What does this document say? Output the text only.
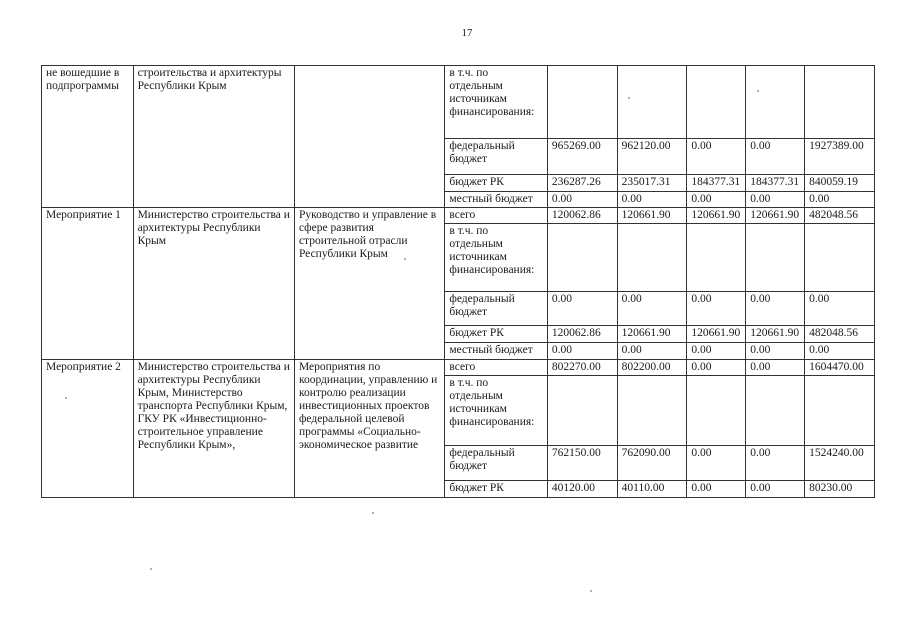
17
не вошедшие в подпрограммы	строительства и архитектуры Республики Крым		в т.ч. по отдельным источникам финансирования:					
			федеральный бюджет	965269.00	962120.00	0.00	0.00	1927389.00
			бюджет РК	236287.26	235017.31	184377.31	184377.31	840059.19
			местный бюджет	0.00	0.00	0.00	0.00	0.00
Мероприятие 1	Министерство строительства и архитектуры Республики Крым	Руководство и управление в сфере развития строительной отрасли Республики Крым	всего	120062.86	120661.90	120661.90	120661.90	482048.56
			в т.ч. по отдельным источникам финансирования:					
			федеральный бюджет	0.00	0.00	0.00	0.00	0.00
			бюджет РК	120062.86	120661.90	120661.90	120661.90	482048.56
			местный бюджет	0.00	0.00	0.00	0.00	0.00
Мероприятие 2	Министерство строительства и архитектуры Республики Крым, Министерство транспорта Республики Крым, ГКУ РК «Инвестиционно-строительное управление Республики Крым»,	Мероприятия по координации, управлению и контролю реализации инвестиционных проектов федеральной целевой программы «Социально-экономическое развитие	всего	802270.00	802200.00	0.00	0.00	1604470.00
			в т.ч. по отдельным источникам финансирования:					
			федеральный бюджет	762150.00	762090.00	0.00	0.00	1524240.00
			бюджет РК	40120.00	40110.00	0.00	0.00	80230.00
